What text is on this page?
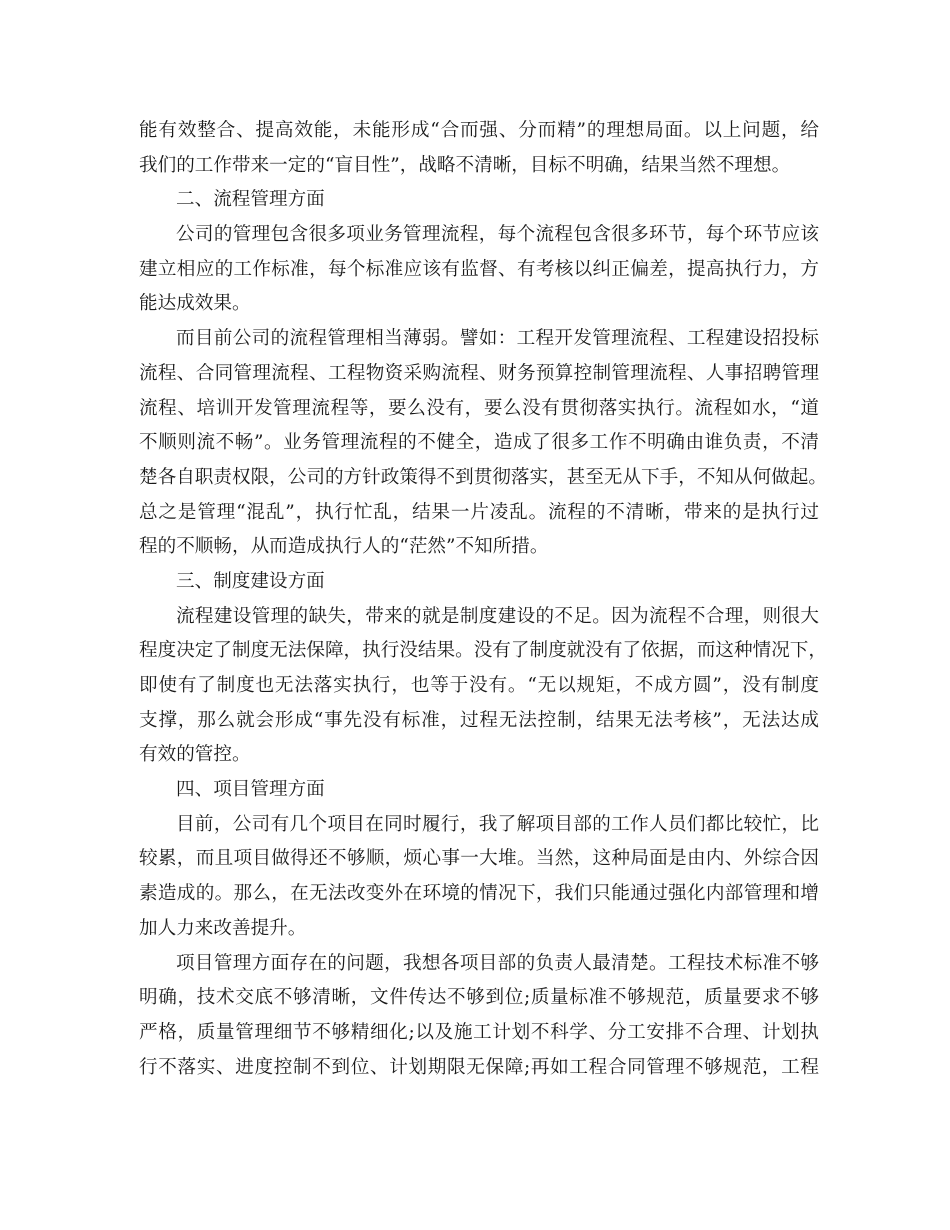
能有效整合、提高效能，未能形成“合而强、分而精”的理想局面。以上问题，给
我们的工作带来一定的“盲目性”，战略不清晰，目标不明确，结果当然不理想。
二、流程管理方面
公司的管理包含很多项业务管理流程，每个流程包含很多环节，每个环节应该
建立相应的工作标准，每个标准应该有监督、有考核以纠正偏差，提高执行力，方
能达成效果。
而目前公司的流程管理相当薄弱。譬如：工程开发管理流程、工程建设招投标
流程、合同管理流程、工程物资采购流程、财务预算控制管理流程、人事招聘管理
流程、培训开发管理流程等，要么没有，要么没有贯彻落实执行。流程如水，“道
不顺则流不畅”。业务管理流程的不健全，造成了很多工作不明确由谁负责，不清
楚各自职责权限，公司的方针政策得不到贯彻落实，甚至无从下手，不知从何做起。
总之是管理“混乱”，执行忙乱，结果一片凌乱。流程的不清晰，带来的是执行过
程的不顺畅，从而造成执行人的“茫然”不知所措。
三、制度建设方面
流程建设管理的缺失，带来的就是制度建设的不足。因为流程不合理，则很大
程度决定了制度无法保障，执行没结果。没有了制度就没有了依据，而这种情况下，
即使有了制度也无法落实执行，也等于没有。“无以规矩，不成方圆”，没有制度
支撑，那么就会形成“事先没有标准，过程无法控制，结果无法考核”，无法达成
有效的管控。
四、项目管理方面
目前，公司有几个项目在同时履行，我了解项目部的工作人员们都比较忙，比
较累，而且项目做得还不够顺，烦心事一大堆。当然，这种局面是由内、外综合因
素造成的。那么，在无法改变外在环境的情况下，我们只能通过强化内部管理和增
加人力来改善提升。
项目管理方面存在的问题，我想各项目部的负责人最清楚。工程技术标准不够
明确，技术交底不够清晰，文件传达不够到位;质量标准不够规范，质量要求不够
严格，质量管理细节不够精细化;以及施工计划不科学、分工安排不合理、计划执
行不落实、进度控制不到位、计划期限无保障;再如工程合同管理不够规范，工程
